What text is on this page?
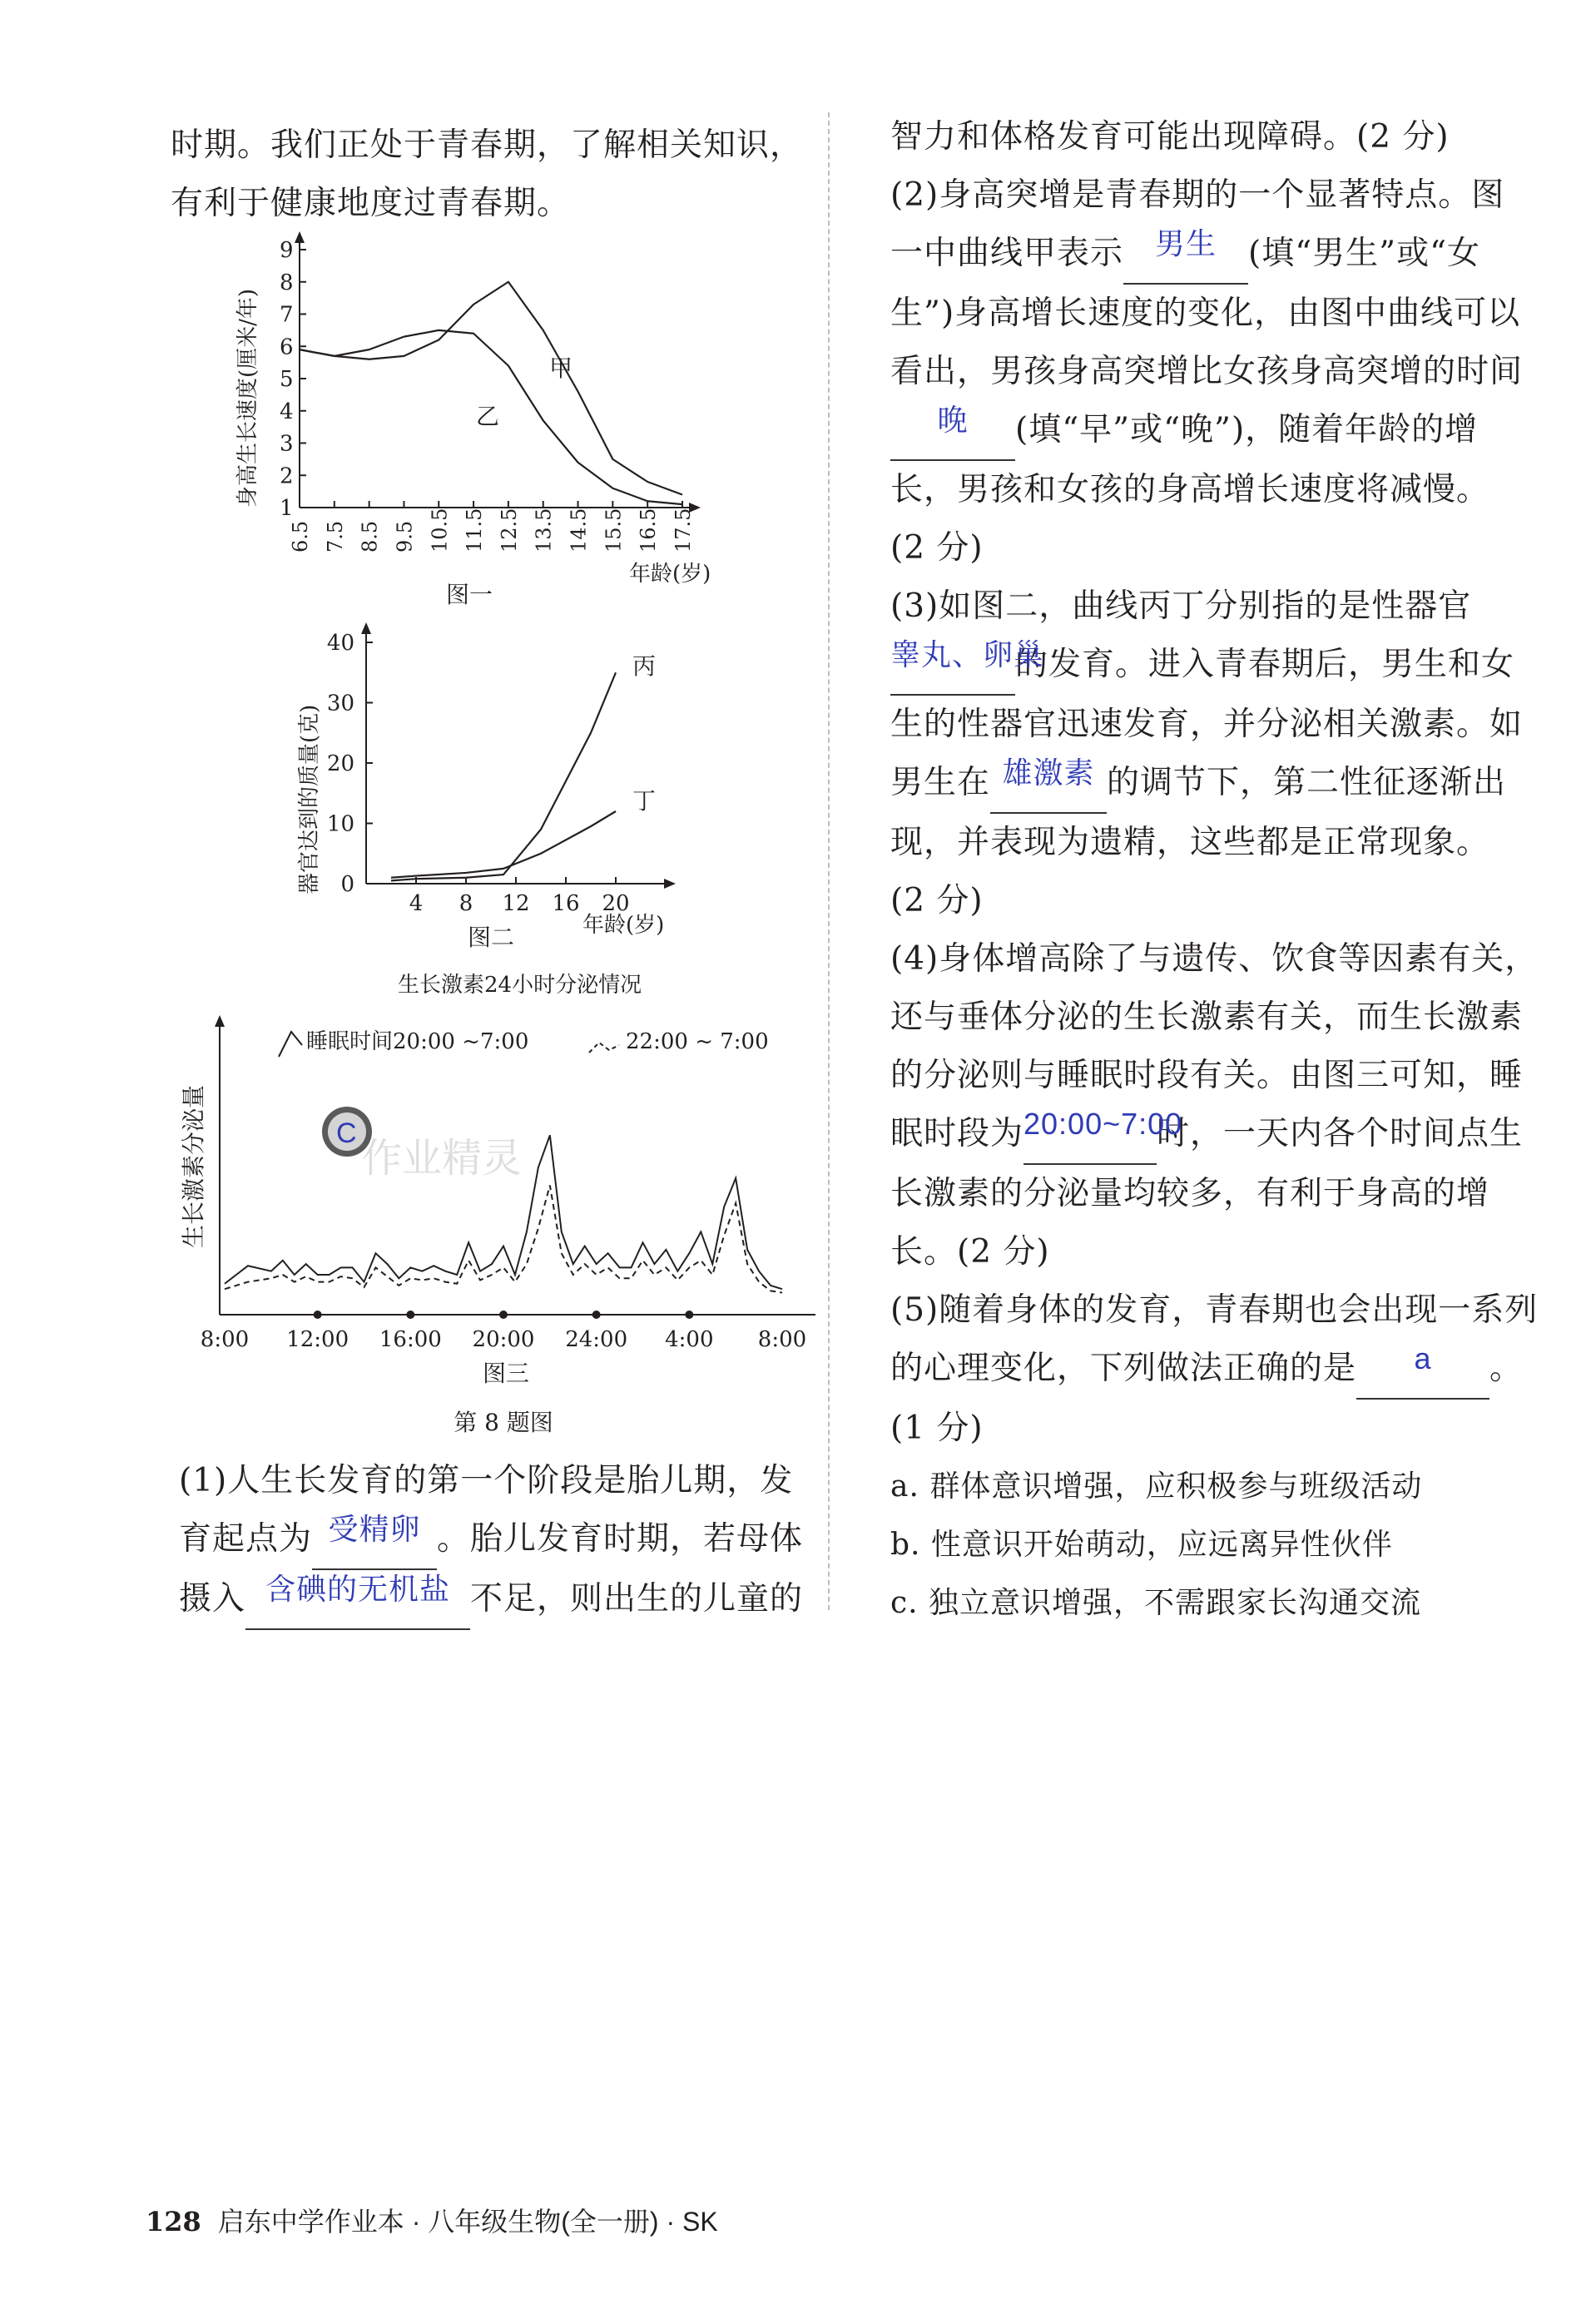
时期。我们正处于青春期，了解相关知识，
有利于健康地度过青春期。
1
2
3
4
5
6
7
8
9
6.5 7.5 8.5 9.5 10.5 11.5 12.5 13.5 14.5 15.5 16.5 17.5
甲
乙
年龄(岁)
身高生长速度(厘米/年)
图一
0
10
20
30
40
4 8 12 16 20
丙
丁
年龄(岁)
器官达到的质量(克)
图二
生长激素24小时分泌情况
睡眠时间20:00 ~7:00	22:00 ~ 7:00
生长激素分泌量	C
作业精灵
8:00 12:00 16:00 20:00 24:00 4:00 8:00
图三
第 8 题图
(1)人生长发育的第一个阶段是胎儿期，发
育起点为 受精卵 。胎儿发育时期，若母体
摄入 含碘的无机盐 不足，则出生的儿童的
智力和体格发育可能出现障碍。(2 分)
(2)身高突增是青春期的一个显著特点。图
一中曲线甲表示 男生 (填“男生”或“女
生”)身高增长速度的变化，由图中曲线可以
看出，男孩身高突增比女孩身高突增的时间
晚 (填“早”或“晚”)，随着年龄的增
长，男孩和女孩的身高增长速度将减慢。
(2 分)
(3)如图二，曲线丙丁分别指的是性器官
睾丸、卵巢的发育。进入青春期后，男生和女
生的性器官迅速发育，并分泌相关激素。如
男生在 雄激素 的调节下，第二性征逐渐出
现，并表现为遗精，这些都是正常现象。
(2 分)
(4)身体增高除了与遗传、饮食等因素有关，
还与垂体分泌的生长激素有关，而生长激素
的分泌则与睡眠时段有关。由图三可知，睡
眠时段为20:00~7:00时，一天内各个时间点生
长激素的分泌量均较多，有利于身高的增
长。(2 分)
(5)随着身体的发育，青春期也会出现一系列
的心理变化，下列做法正确的是 a 。
(1 分)
a. 群体意识增强，应积极参与班级活动
b. 性意识开始萌动，应远离异性伙伴
c. 独立意识增强，不需跟家长沟通交流
128 启东中学作业本 · 八年级生物(全一册) · SK
